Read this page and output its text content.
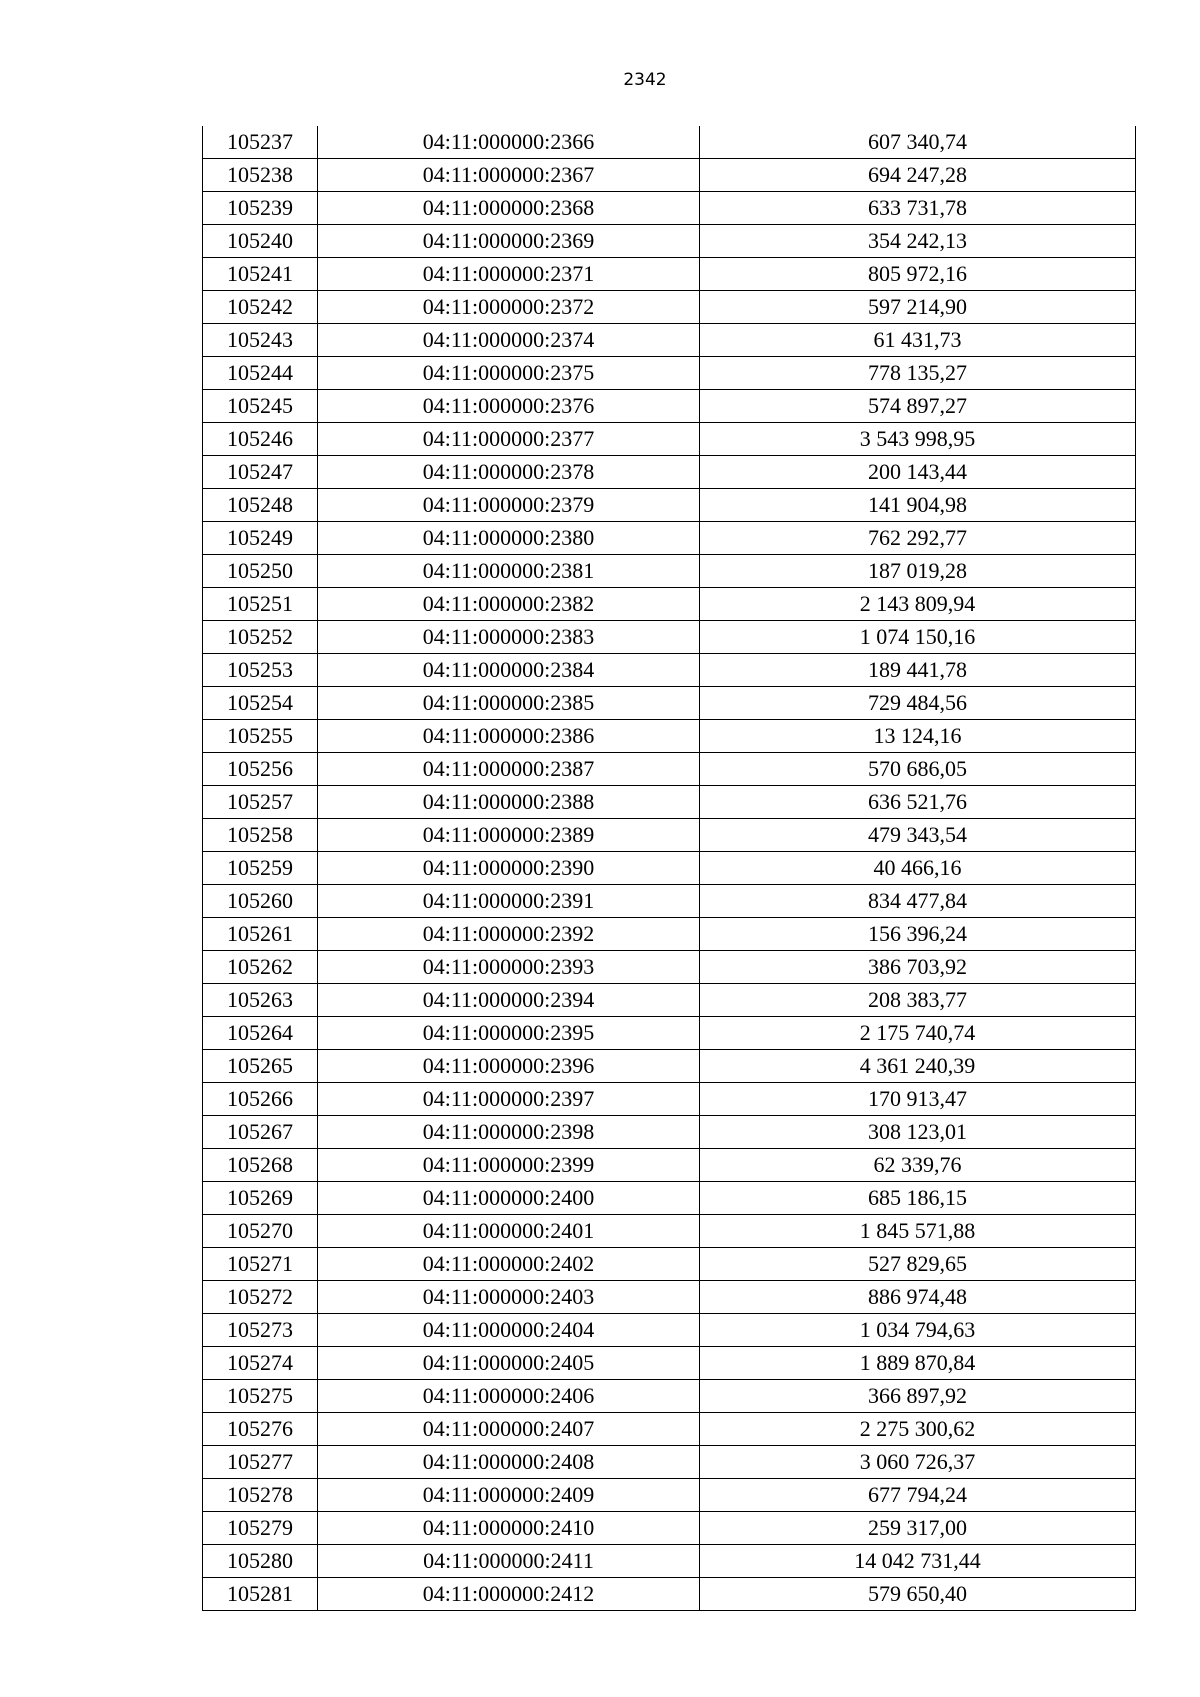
2342
105237	04:11:000000:2366	607 340,74
105238	04:11:000000:2367	694 247,28
105239	04:11:000000:2368	633 731,78
105240	04:11:000000:2369	354 242,13
105241	04:11:000000:2371	805 972,16
105242	04:11:000000:2372	597 214,90
105243	04:11:000000:2374	61 431,73
105244	04:11:000000:2375	778 135,27
105245	04:11:000000:2376	574 897,27
105246	04:11:000000:2377	3 543 998,95
105247	04:11:000000:2378	200 143,44
105248	04:11:000000:2379	141 904,98
105249	04:11:000000:2380	762 292,77
105250	04:11:000000:2381	187 019,28
105251	04:11:000000:2382	2 143 809,94
105252	04:11:000000:2383	1 074 150,16
105253	04:11:000000:2384	189 441,78
105254	04:11:000000:2385	729 484,56
105255	04:11:000000:2386	13 124,16
105256	04:11:000000:2387	570 686,05
105257	04:11:000000:2388	636 521,76
105258	04:11:000000:2389	479 343,54
105259	04:11:000000:2390	40 466,16
105260	04:11:000000:2391	834 477,84
105261	04:11:000000:2392	156 396,24
105262	04:11:000000:2393	386 703,92
105263	04:11:000000:2394	208 383,77
105264	04:11:000000:2395	2 175 740,74
105265	04:11:000000:2396	4 361 240,39
105266	04:11:000000:2397	170 913,47
105267	04:11:000000:2398	308 123,01
105268	04:11:000000:2399	62 339,76
105269	04:11:000000:2400	685 186,15
105270	04:11:000000:2401	1 845 571,88
105271	04:11:000000:2402	527 829,65
105272	04:11:000000:2403	886 974,48
105273	04:11:000000:2404	1 034 794,63
105274	04:11:000000:2405	1 889 870,84
105275	04:11:000000:2406	366 897,92
105276	04:11:000000:2407	2 275 300,62
105277	04:11:000000:2408	3 060 726,37
105278	04:11:000000:2409	677 794,24
105279	04:11:000000:2410	259 317,00
105280	04:11:000000:2411	14 042 731,44
105281	04:11:000000:2412	579 650,40
